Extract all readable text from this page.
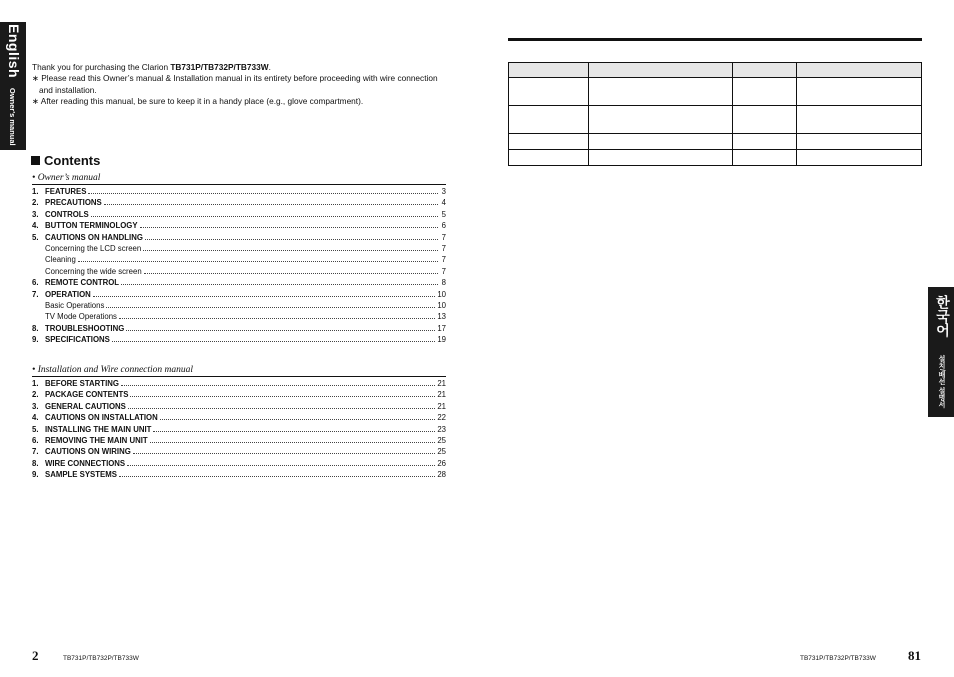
English
Owner's manual

Thank you for purchasing the Clarion TB731P/TB732P/TB733W.

∗ Please read this Owner’s manual & Installation manual in its entirety before proceeding with wire connection and installation.

∗ After reading this manual, be sure to keep it in a handy place (e.g., glove compartment).

Contents
• Owner’s manual
1. FEATURES	3
2. PRECAUTIONS	4
3. CONTROLS	5
4. BUTTON TERMINOLOGY	6
5. CAUTIONS ON HANDLING	7
Concerning the LCD screen	7
Cleaning	7
Concerning the wide screen	7
6. REMOTE CONTROL	8
7. OPERATION	10
Basic Operations	10
TV Mode Operations	13
8. TROUBLESHOOTING	17
9. SPECIFICATIONS	19
• Installation and Wire connection manual
1. BEFORE STARTING	21
2. PACKAGE CONTENTS	21
3. GENERAL CAUTIONS	21
4. CAUTIONS ON INSTALLATION	22
5. INSTALLING THE MAIN UNIT	23
6. REMOVING THE MAIN UNIT	25
7. CAUTIONS ON WIRING	25
8. WIRE CONNECTIONS	26
9. SAMPLE SYSTEMS	28
2	TB731P/TB732P/TB733W

한국어
설치/배선 설명서
TB731P/TB732P/TB733W 81
